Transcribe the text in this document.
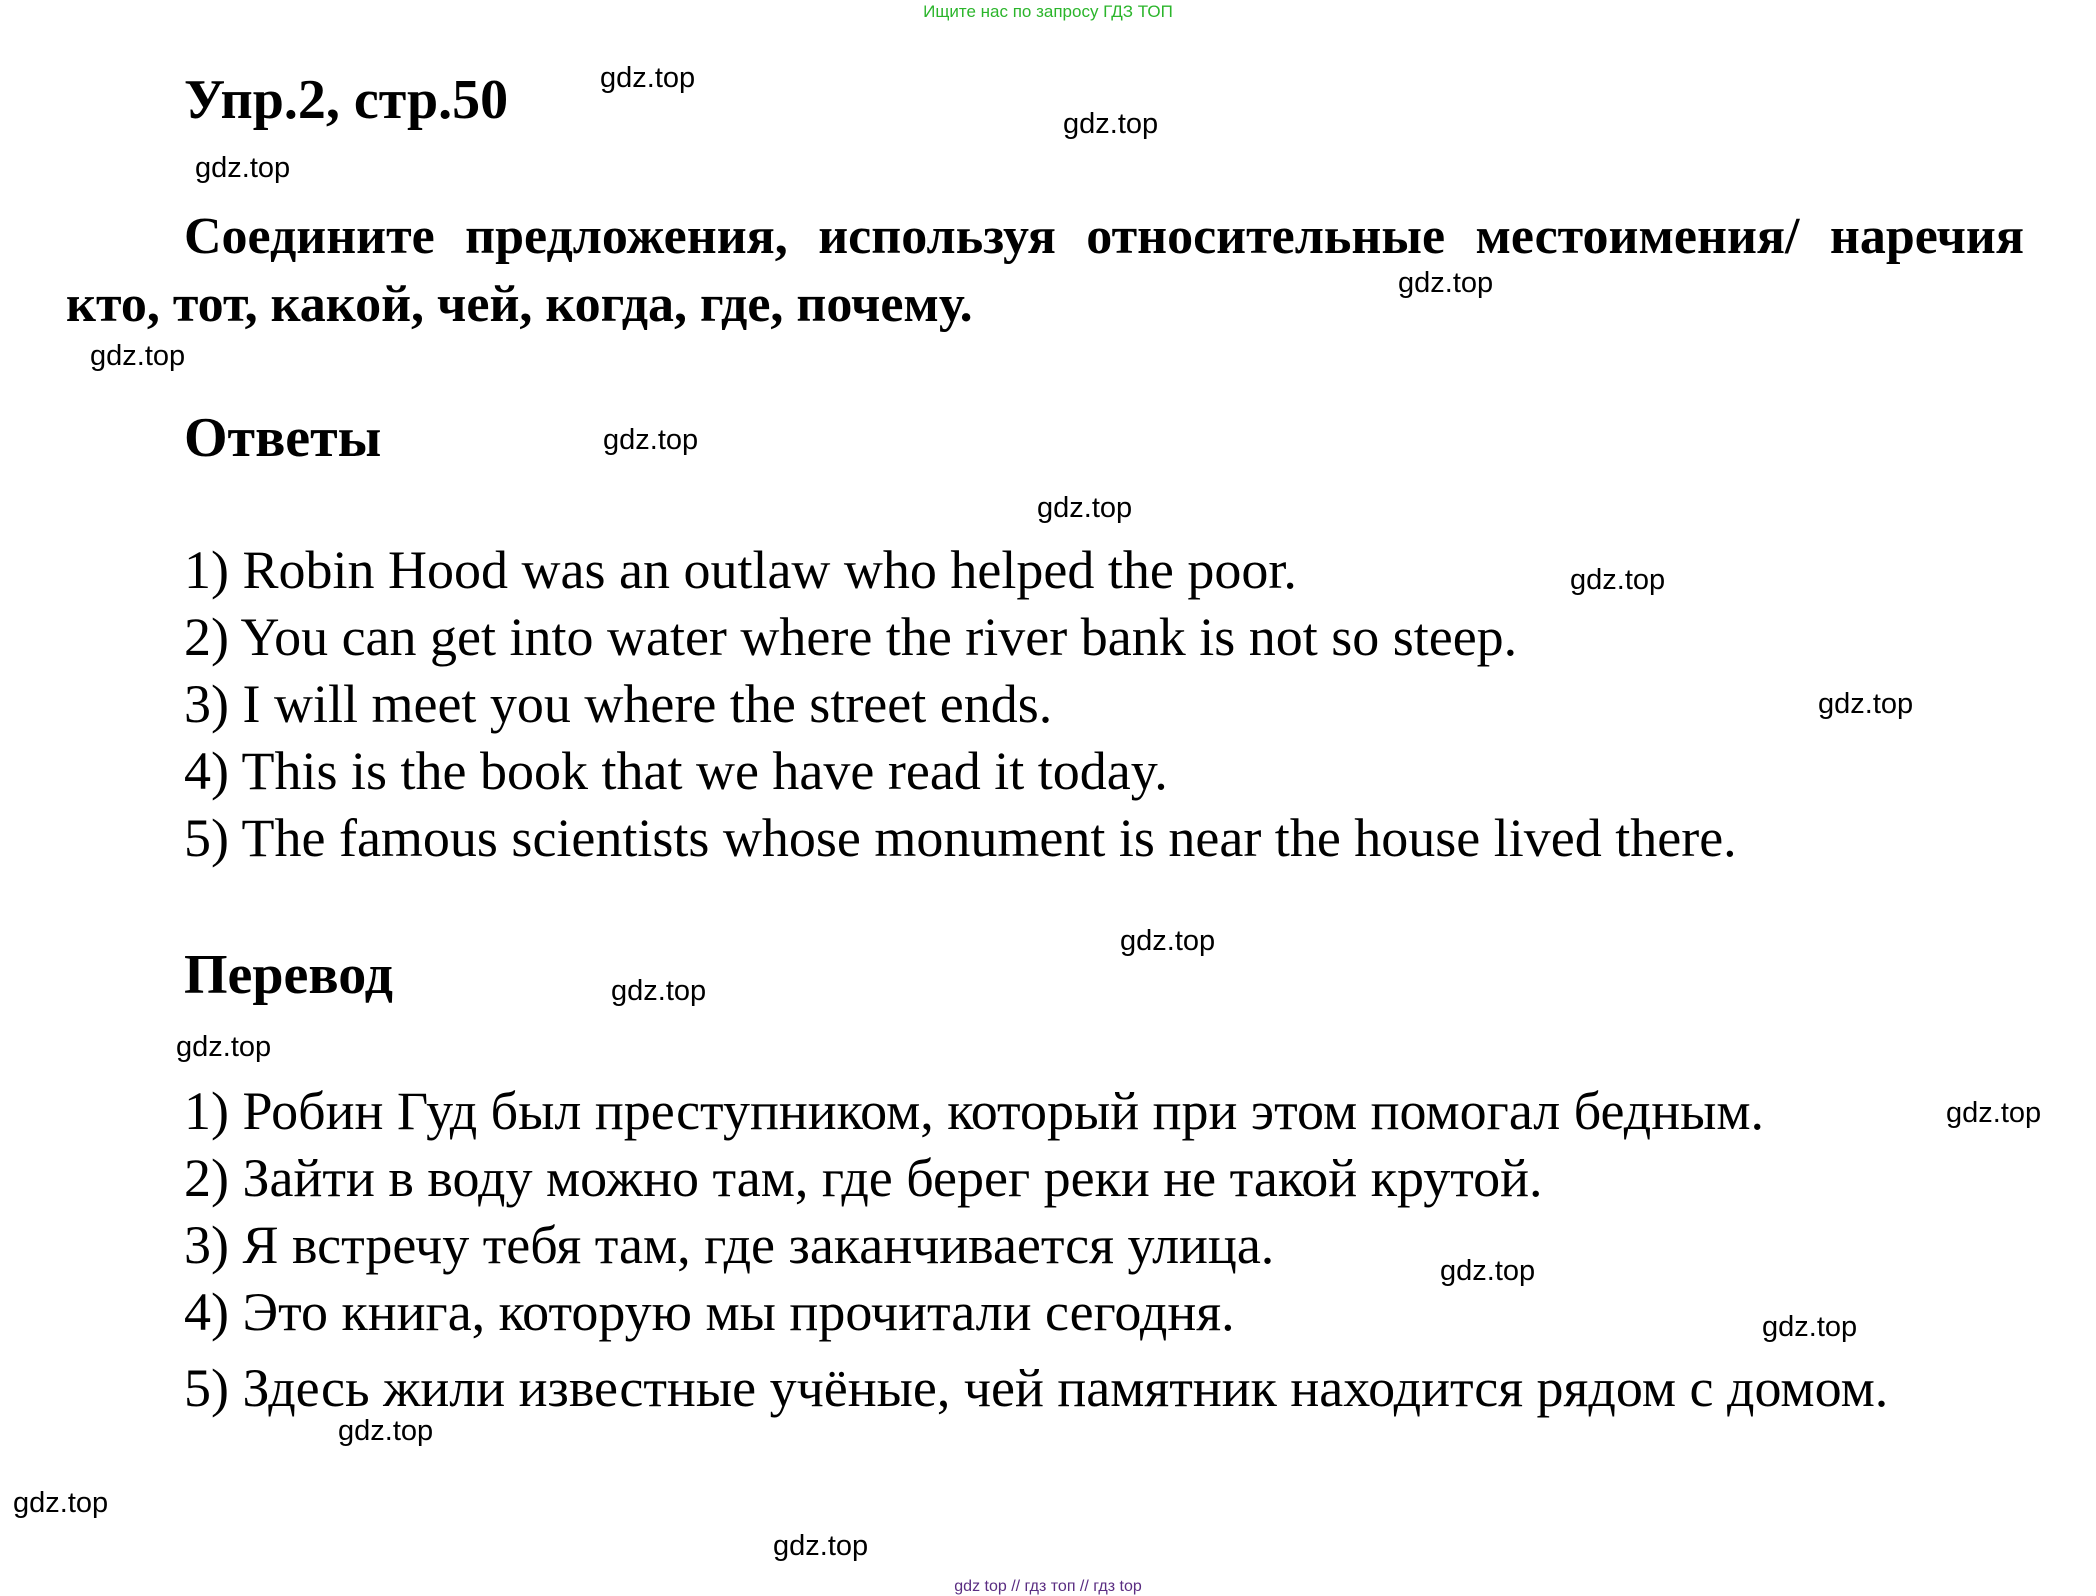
Ищите нас по запросу ГДЗ ТОП
Упр.2, стр.50
Соедините предложения, используя относительные местоимения/ наречия кто, тот, какой, чей, когда, где, почему.
Ответы
1) Robin Hood was an outlaw who helped the poor.
2) You can get into water where the river bank is not so steep.
3) I will meet you where the street ends.
4) This is the book that we have read it today.
5) The famous scientists whose monument is near the house lived there.
Перевод
1) Робин Гуд был преступником, который при этом помогал бедным.
2) Зайти в воду можно там, где берег реки не такой крутой.
3) Я встречу тебя там, где заканчивается улица.
4) Это книга, которую мы прочитали сегодня.
5) Здесь жили известные учёные, чей памятник находится рядом с домом.
gdz.top
gdz.top
gdz.top
gdz.top
gdz.top
gdz.top
gdz.top
gdz.top
gdz.top
gdz.top
gdz.top
gdz.top
gdz.top
gdz.top
gdz.top
gdz.top
gdz.top
gdz.top
gdz top // гдз топ // гдз top
